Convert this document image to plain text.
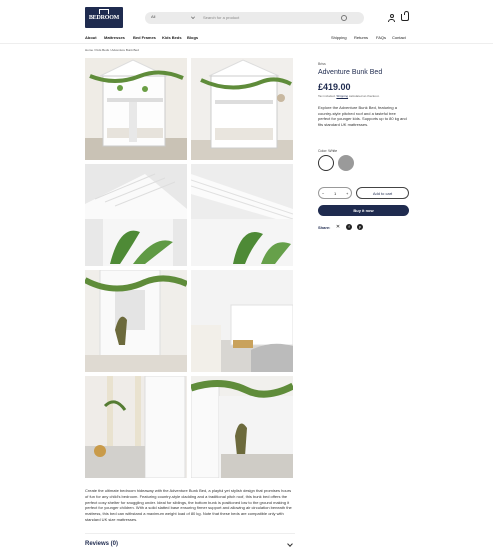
BEDROOM	All	Search for a product
About Mattresses Bed Frames Kids Beds Blogs	Shipping Returns FAQs Contact
Home / Kids Beds / Adventure Bunk Bed
Create the ultimate bedroom hideaway with the Adventure Bunk Bed, a playful yet stylish design that promises hours of fun for any child's bedroom. Featuring country-style cladding and a traditional pitch roof, this bunk bed offers the perfect cosy shelter for snuggling under. Ideal for siblings, the bottom bunk is positioned low to the ground making it perfect for younger children. With a solid slatted base ensuring firmer support and allowing air circulation beneath the mattress, this bed can withstand a maximum weight load of 80 kg. Note that these beds are compatible only with standard UK size mattresses.
Reviews (0)
Briss
Adventure Bunk Bed
£419.00
Tax included. Shipping calculated at checkout.
Explore the Adventure Bunk Bed, featuring a country-style pitched roof and a tasteful tree perfect for younger kids. Supports up to 80 kg and fits standard UK mattresses.
Color: White
− 1 +	Add to cart
Buy it now
Share: ✕	f	p
